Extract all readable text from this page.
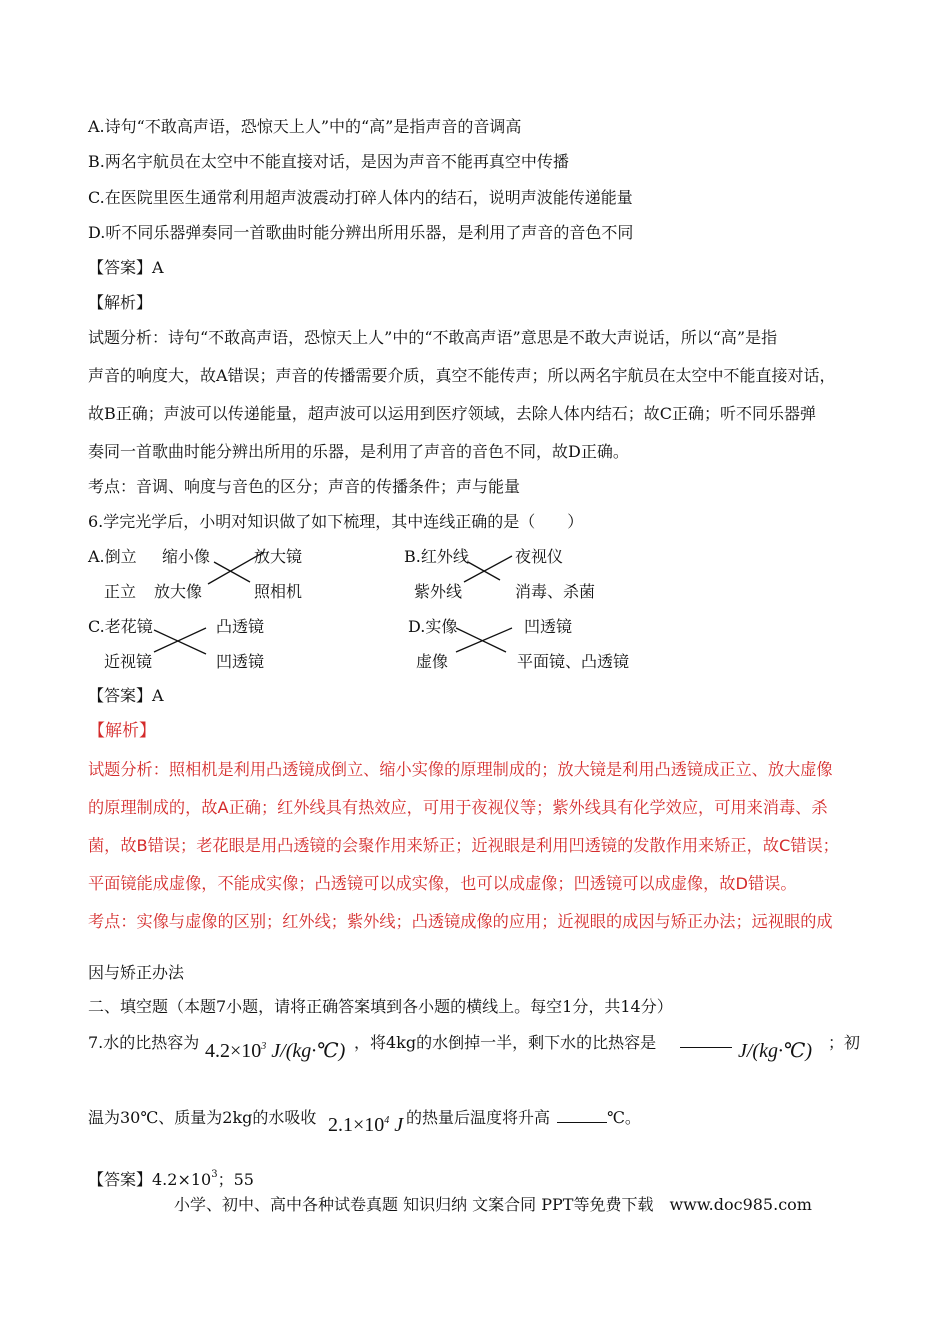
A.诗句“不敢高声语，恐惊天上人”中的“高”是指声音的音调高
B.两名宇航员在太空中不能直接对话，是因为声音不能再真空中传播
C.在医院里医生通常利用超声波震动打碎人体内的结石，说明声波能传递能量
D.听不同乐器弹奏同一首歌曲时能分辨出所用乐器，是利用了声音的音色不同
【答案】A
【解析】
试题分析：诗句“不敢高声语，恐惊天上人”中的“不敢高声语”意思是不敢大声说话，所以“高”是指
声音的响度大，故A错误；声音的传播需要介质，真空不能传声；所以两名宇航员在太空中不能直接对话，
故B正确；声波可以传递能量，超声波可以运用到医疗领域，去除人体内结石；故C正确；听不同乐器弹
奏同一首歌曲时能分辨出所用的乐器，是利用了声音的音色不同，故D正确。
考点：音调、响度与音色的区分；声音的传播条件；声与能量
6.学完光学后，小明对知识做了如下梳理，其中连线正确的是（　　）
A.倒立
正立
缩小像
放大像
放大镜
照相机
B.红外线
紫外线
夜视仪
消毒、杀菌
C.老花镜
近视镜
凸透镜
凹透镜
D.实像
虚像
凹透镜
平面镜、凸透镜
【答案】A
【解析】
试题分析：照相机是利用凸透镜成倒立、缩小实像的原理制成的；放大镜是利用凸透镜成正立、放大虚像
的原理制成的，故A正确；红外线具有热效应，可用于夜视仪等；紫外线具有化学效应，可用来消毒、杀
菌，故B错误；老花眼是用凸透镜的会聚作用来矫正；近视眼是利用凹透镜的发散作用来矫正，故C错误；
平面镜能成虚像，不能成实像；凸透镜可以成实像，也可以成虚像；凹透镜可以成虚像，故D错误。
考点：实像与虚像的区别；红外线；紫外线；凸透镜成像的应用；近视眼的成因与矫正办法；远视眼的成
因与矫正办法
二、填空题（本题7小题，请将正确答案填到各小题的横线上。每空1分，共14分）
7.水的比热容为 $4.2\times 10^3$ J/(kg·℃) ，将4kg的水倒掉一半，剩下水的比热容是	J/(kg·℃) ；初
温为30℃、质量为2kg的水吸收 $2.1\times 10^4$ J 的热量后温度将升高	℃。
【答案】$4.2\times 10^3$；55
小学、初中、高中各种试卷真题 知识归纳 文案合同 PPT等免费下载　www.doc985.com
